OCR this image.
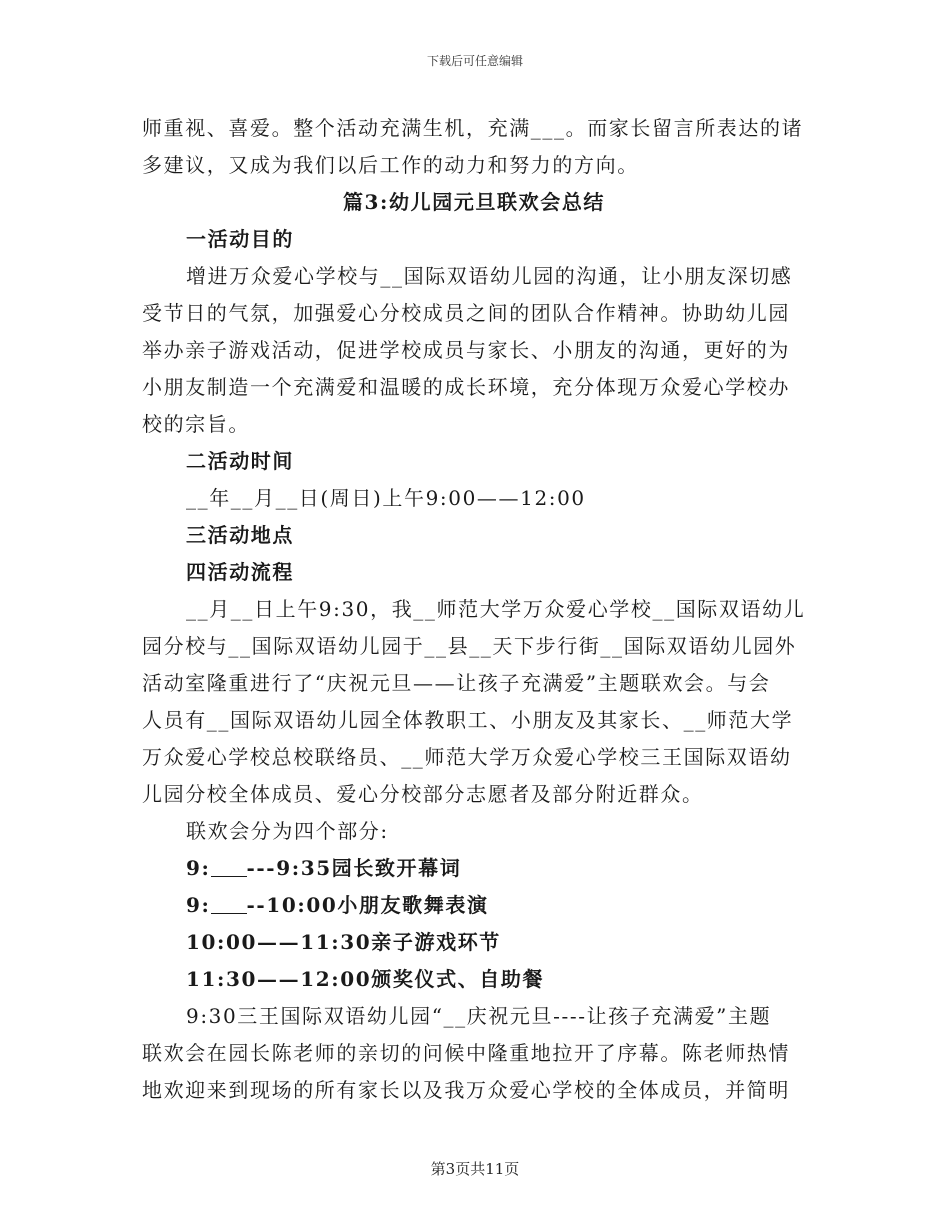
下载后可任意编辑
师重视、喜爱。整个活动充满生机，充满___。而家长留言所表达的诸
多建议，又成为我们以后工作的动力和努力的方向。
篇3:幼儿园元旦联欢会总结
一活动目的
增进万众爱心学校与__国际双语幼儿园的沟通，让小朋友深切感
受节日的气氛，加强爱心分校成员之间的团队合作精神。协助幼儿园
举办亲子游戏活动，促进学校成员与家长、小朋友的沟通，更好的为
小朋友制造一个充满爱和温暖的成长环境，充分体现万众爱心学校办
校的宗旨。
二活动时间
__年__月__日(周日)上午9:00——12:00
三活动地点
四活动流程
__月__日上午9:30，我__师范大学万众爱心学校__国际双语幼儿
园分校与__国际双语幼儿园于__县__天下步行街__国际双语幼儿园外
活动室隆重进行了“庆祝元旦——让孩子充满爱”主题联欢会。与会
人员有__国际双语幼儿园全体教职工、小朋友及其家长、__师范大学
万众爱心学校总校联络员、__师范大学万众爱心学校三王国际双语幼
儿园分校全体成员、爱心分校部分志愿者及部分附近群众。
联欢会分为四个部分:
9: ---9:35园长致开幕词
9: --10:00小朋友歌舞表演
10:00——11:30亲子游戏环节
11:30——12:00颁奖仪式、自助餐
9:30三王国际双语幼儿园“__庆祝元旦----让孩子充满爱”主题
联欢会在园长陈老师的亲切的问候中隆重地拉开了序幕。陈老师热情
地欢迎来到现场的所有家长以及我万众爱心学校的全体成员，并简明
第3页共11页
